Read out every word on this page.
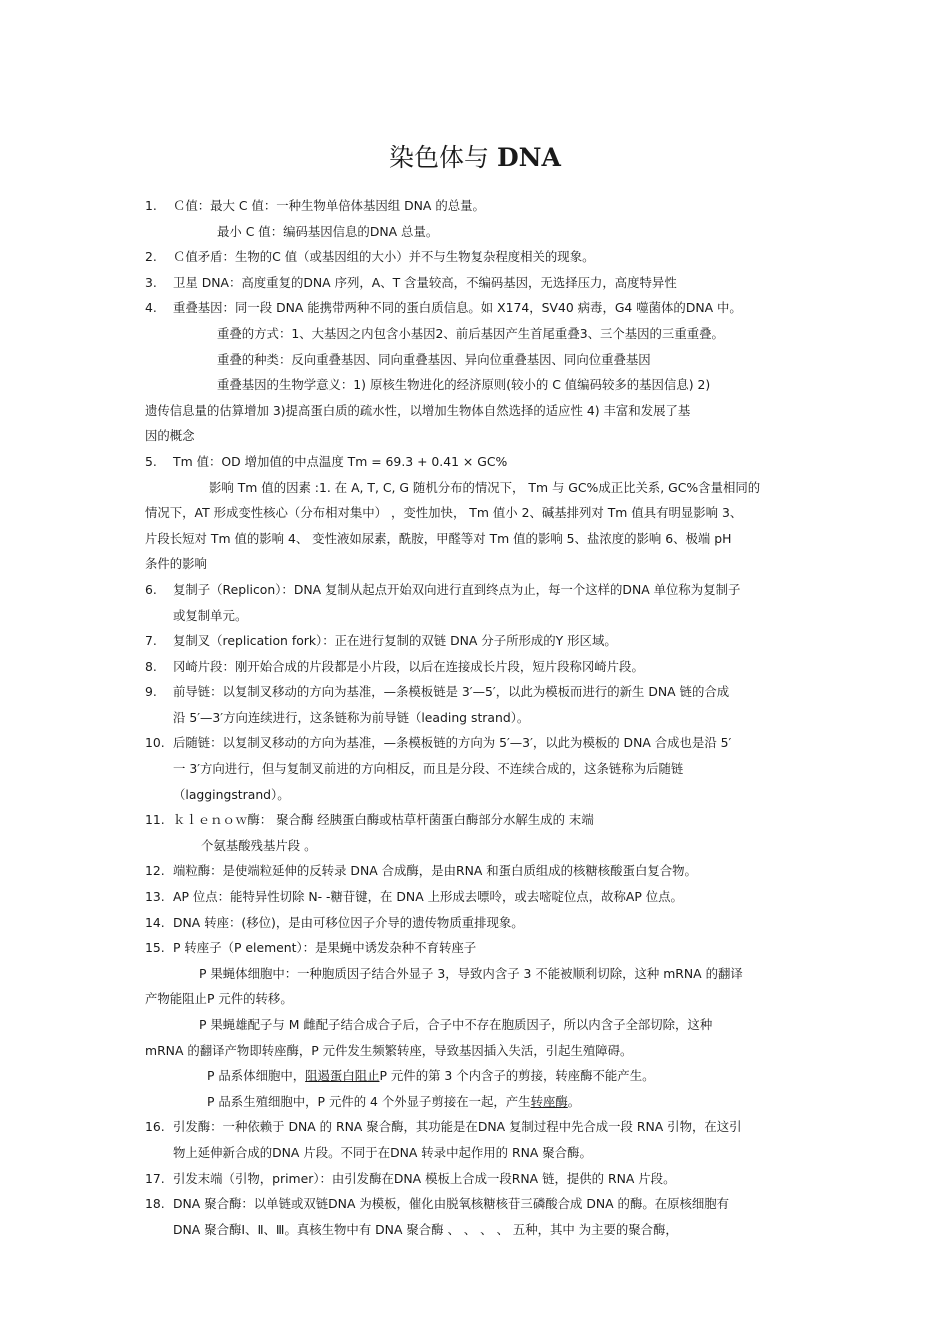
染色体与 DNA
1. Ｃ值：最大 C 值：一种生物单倍体基因组 DNA 的总量。
最小 C 值：编码基因信息的DNA 总量。
2. Ｃ值矛盾：生物的C 值（或基因组的大小）并不与生物复杂程度相关的现象。
3. 卫星 DNA：高度重复的DNA 序列，A、T 含量较高，不编码基因，无选择压力，高度特异性
4. 重叠基因：同一段 DNA 能携带两种不同的蛋白质信息。如 X174，SV40 病毒，G4 噬菌体的DNA 中。
重叠的方式：1、大基因之内包含小基因2、前后基因产生首尾重叠3、三个基因的三重重叠。
重叠的种类：反向重叠基因、同向重叠基因、异向位重叠基因、同向位重叠基因
重叠基因的生物学意义：1) 原核生物进化的经济原则(较小的 C 值编码较多的基因信息) 2)
遗传信息量的估算增加 3)提高蛋白质的疏水性，以增加生物体自然选择的适应性 4) 丰富和发展了基
因的概念
5. Tm 值：OD 增加值的中点温度 Tm = 69.3 + 0.41 × GC%
影响 Tm 值的因素 :1. 在 A, T, C, G 随机分布的情况下， Tm 与 GC%成正比关系, GC%含量相同的
情况下，AT 形成变性核心（分布相对集中） ，变性加快， Tm 值小 2、碱基排列对 Tm 值具有明显影响 3、
片段长短对 Tm 值的影响 4、 变性液如尿素，酰胺，甲醛等对 Tm 值的影响 5、盐浓度的影响 6、极端 pH
条件的影响
6. 复制子（Replicon）：DNA 复制从起点开始双向进行直到终点为止，每一个这样的DNA 单位称为复制子
或复制单元。
7. 复制叉（replication fork）：正在进行复制的双链 DNA 分子所形成的Y 形区域。
8. 冈崎片段：刚开始合成的片段都是小片段，以后在连接成长片段，短片段称冈崎片段。
9. 前导链：以复制叉移动的方向为基准，—条模板链是 3′—5′，以此为模板而进行的新生 DNA 链的合成
沿 5′—3′方向连续进行，这条链称为前导链（leading strand）。
10. 后随链：以复制叉移动的方向为基准，—条模板链的方向为 5′—3′，以此为模板的 DNA 合成也是沿 5′
一 3′方向进行，但与复制叉前进的方向相反，而且是分段、不连续合成的，这条链称为后随链
（laggingstrand）。
11. ｋｌｅｎｏｗ酶： 聚合酶 经胰蛋白酶或枯草杆菌蛋白酶部分水解生成的 末端
个氨基酸残基片段 。
12. 端粒酶：是使端粒延伸的反转录 DNA 合成酶，是由RNA 和蛋白质组成的核糖核酸蛋白复合物。
13. AP 位点：能特异性切除 N- -糖苷键，在 DNA 上形成去嘌呤，或去嘧啶位点，故称AP 位点。
14. DNA 转座：(移位)，是由可移位因子介导的遗传物质重排现象。
15. P 转座子（P element）：是果蝇中诱发杂种不育转座子
P 果蝇体细胞中：一种胞质因子结合外显子 3，导致内含子 3 不能被顺利切除，这种 mRNA 的翻译
产物能阻止P 元件的转移。
P 果蝇雄配子与 M 雌配子结合成合子后，合子中不存在胞质因子，所以内含子全部切除，这种
mRNA 的翻译产物即转座酶，P 元件发生频繁转座，导致基因插入失活，引起生殖障碍。
P 品系体细胞中，阻遏蛋白阻止P 元件的第 3 个内含子的剪接，转座酶不能产生。
P 品系生殖细胞中，P 元件的 4 个外显子剪接在一起，产生转座酶。
16. 引发酶：一种依赖于 DNA 的 RNA 聚合酶，其功能是在DNA 复制过程中先合成一段 RNA 引物，在这引
物上延伸新合成的DNA 片段。不同于在DNA 转录中起作用的 RNA 聚合酶。
17. 引发末端（引物，primer）：由引发酶在DNA 模板上合成一段RNA 链，提供的 RNA 片段。
18. DNA 聚合酶：以单链或双链DNA 为模板，催化由脱氧核糖核苷三磷酸合成 DNA 的酶。在原核细胞有
DNA 聚合酶Ⅰ、Ⅱ、Ⅲ。真核生物中有 DNA 聚合酶 、 、 、 、 五种，其中 为主要的聚合酶，
